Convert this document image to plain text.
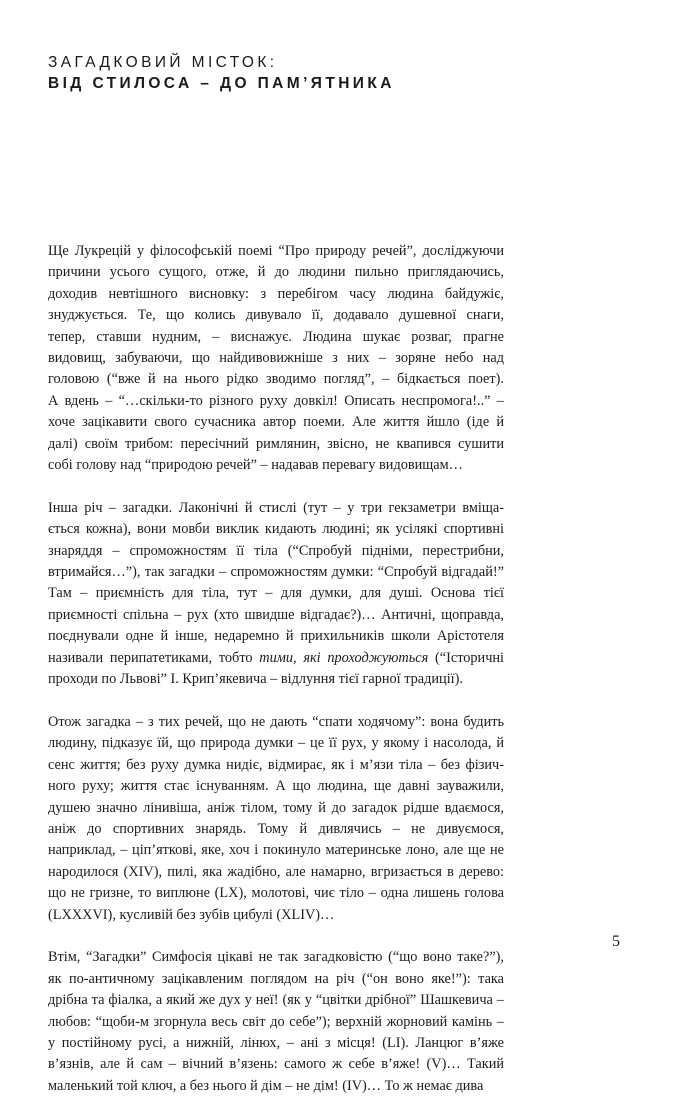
ЗАГАДКОВИЙ МІСТОК:
ВІД СТИЛОСА – ДО ПАМ’ЯТНИКА
Ще Лукрецій у філософській поемі “Про природу речей”, досліджуючи
причини усього сущого, отже, й до людини пильно приглядаючись,
доходив невтішного висновку: з перебігом часу людина байдужіє,
знуджується. Те, що колись дивувало її, додавало душевної снаги,
тепер, ставши нудним, – виснажує. Людина шукає розваг, прагне
видовищ, забуваючи, що найдивовижніше з них – зоряне небо над
головою (“вже й на нього рідко зводимо погляд”, – бідкається поет).
А вдень – “…скільки-то різного руху довкіл! Описать неспромога!..” –
хоче зацікавити свого сучасника автор поеми. Але життя йшло (іде й
далі) своїм трибом: пересічний римлянин, звісно, не квапився сушити
собі голову над “природою речей” – надавав перевагу видовищам…
Інша річ – загадки. Лаконічні й стислі (тут – у три гекзаметри вміща-
ється кожна), вони мовби виклик кидають людині; як усілякі спортивні
знаряддя – спроможностям її тіла (“Спробуй підніми, перестрибни,
втримайся…”), так загадки – спроможностям думки: “Спробуй відгадай!”
Там – приємність для тіла, тут – для думки, для душі. Основа тієї
приємності спільна – рух (хто швидше відгадає?)… Античні, щоправда,
поєднували одне й інше, недаремно й прихильників школи Арістотеля
називали перипатетиками, тобто тими, які проходжуються (“Історичні
проходи по Львові” І. Крип’якевича – відлуння тієї гарної традиції).
Отож загадка – з тих речей, що не дають “спати ходячому”: вона будить
людину, підказує їй, що природа думки – це її рух, у якому і насолода, й
сенс життя; без руху думка нидіє, відмирає, як і м’язи тіла – без фізич-
ного руху; життя стає існуванням. А що людина, ще давні зауважили,
душею значно лінивіша, аніж тілом, тому й до загадок рідше вдаємося,
аніж до спортивних знарядь. Тому й дивлячись – не дивуємося,
наприклад, – ціп’яткові, яке, хоч і покинуло материнське лоно, але ще не
народилося (XIV), пилі, яка жадібно, але намарно, вгризається в дерево:
що не гризне, то виплюне (LX), молотові, чиє тіло – одна лишень голова
(LXXXVI), кусливій без зубів цибулі (XLIV)…
Втім, “Загадки” Симфосія цікаві не так загадковістю (“що воно таке?”),
як по-античному зацікавленим поглядом на річ (“он воно яке!”): така
дрібна та фіалка, а який же дух у неї! (як у “цвітки дрібної” Шашкевича –
любов: “щоби-м згорнула весь світ до себе”); верхній жорновий камінь –
у постійному русі, а нижній, лінюх, – ані з місця! (LI). Ланцюг в’яже
в’язнів, але й сам – вічний в’язень: самого ж себе в’яже! (V)… Такий
маленький той ключ, а без нього й дім – не дім! (IV)… То ж немає дива
5
